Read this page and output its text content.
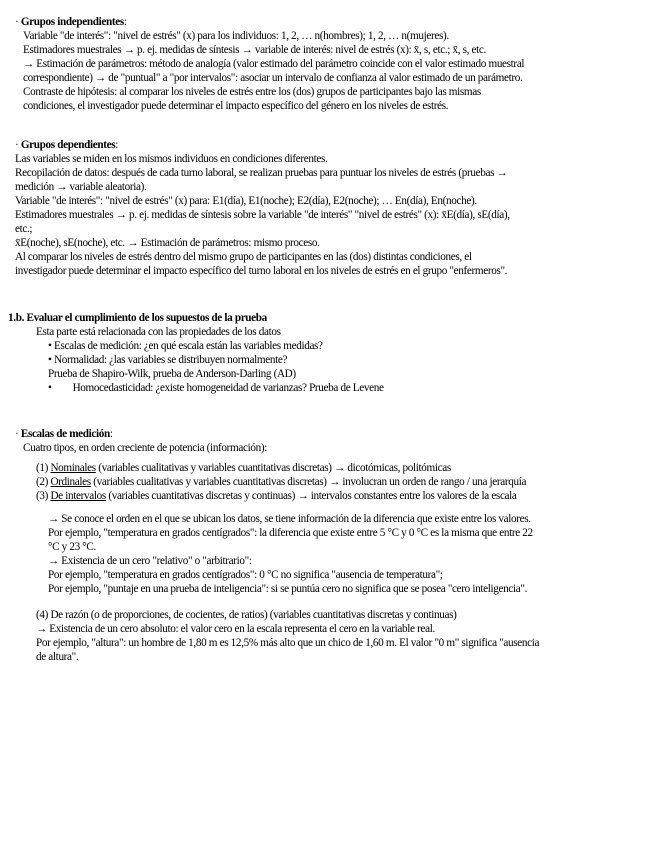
· Grupos independientes:
Variable "de interés": "nivel de estrés" (x) para los individuos: 1, 2, … n(hombres); 1, 2, … n(mujeres).
Estimadores muestrales → p. ej. medidas de síntesis → variable de interés: nivel de estrés (x): x̄, s, etc.; x̄, s, etc.
→ Estimación de parámetros: método de analogía (valor estimado del parámetro coincide con el valor estimado muestral
correspondiente) → de "puntual" a "por intervalos": asociar un intervalo de confianza al valor estimado de un parámetro.
Contraste de hipótesis: al comparar los niveles de estrés entre los (dos) grupos de participantes bajo las mismas
condiciones, el investigador puede determinar el impacto específico del género en los niveles de estrés.
· Grupos dependientes:
Las variables se miden en los mismos individuos en condiciones diferentes.
Recopilación de datos: después de cada turno laboral, se realizan pruebas para puntuar los niveles de estrés (pruebas →
medición → variable aleatoria).
Variable "de interés": "nivel de estrés" (x) para: E1(día), E1(noche); E2(día), E2(noche); … En(día), En(noche).
Estimadores muestrales → p. ej. medidas de síntesis sobre la variable "de interés" "nivel de estrés" (x): x̄E(día), sE(día),
etc.;
x̄E(noche), sE(noche), etc. → Estimación de parámetros: mismo proceso.
Al comparar los niveles de estrés dentro del mismo grupo de participantes en las (dos) distintas condiciones, el
investigador puede determinar el impacto específico del turno laboral en los niveles de estrés en el grupo "enfermeros".
1.b. Evaluar el cumplimiento de los supuestos de la prueba
Esta parte está relacionada con las propiedades de los datos
• Escalas de medición: ¿en qué escala están las variables medidas?
• Normalidad: ¿las variables se distribuyen normalmente?
Prueba de Shapiro-Wilk, prueba de Anderson-Darling (AD)
• Homocedasticidad: ¿existe homogeneidad de varianzas? Prueba de Levene
· Escalas de medición:
Cuatro tipos, en orden creciente de potencia (información):
(1) Nominales (variables cualitativas y variables cuantitativas discretas) → dicotómicas, politómicas
(2) Ordinales (variables cualitativas y variables cuantitativas discretas) → involucran un orden de rango / una jerarquía
(3) De intervalos (variables cuantitativas discretas y continuas) → intervalos constantes entre los valores de la escala
→ Se conoce el orden en el que se ubican los datos, se tiene información de la diferencia que existe entre los valores.
Por ejemplo, "temperatura en grados centígrados": la diferencia que existe entre 5 °C y 0 °C es la misma que entre 22
°C y 23 °C.
→ Existencia de un cero "relativo" o "arbitrario":
Por ejemplo, "temperatura en grados centígrados": 0 °C no significa "ausencia de temperatura";
Por ejemplo, "puntaje en una prueba de inteligencia": si se puntúa cero no significa que se posea "cero inteligencia".
(4) De razón (o de proporciones, de cocientes, de ratios) (variables cuantitativas discretas y continuas)
→ Existencia de un cero absoluto: el valor cero en la escala representa el cero en la variable real.
Por ejemplo, "altura": un hombre de 1,80 m es 12,5% más alto que un chico de 1,60 m. El valor "0 m" significa "ausencia
de altura".
